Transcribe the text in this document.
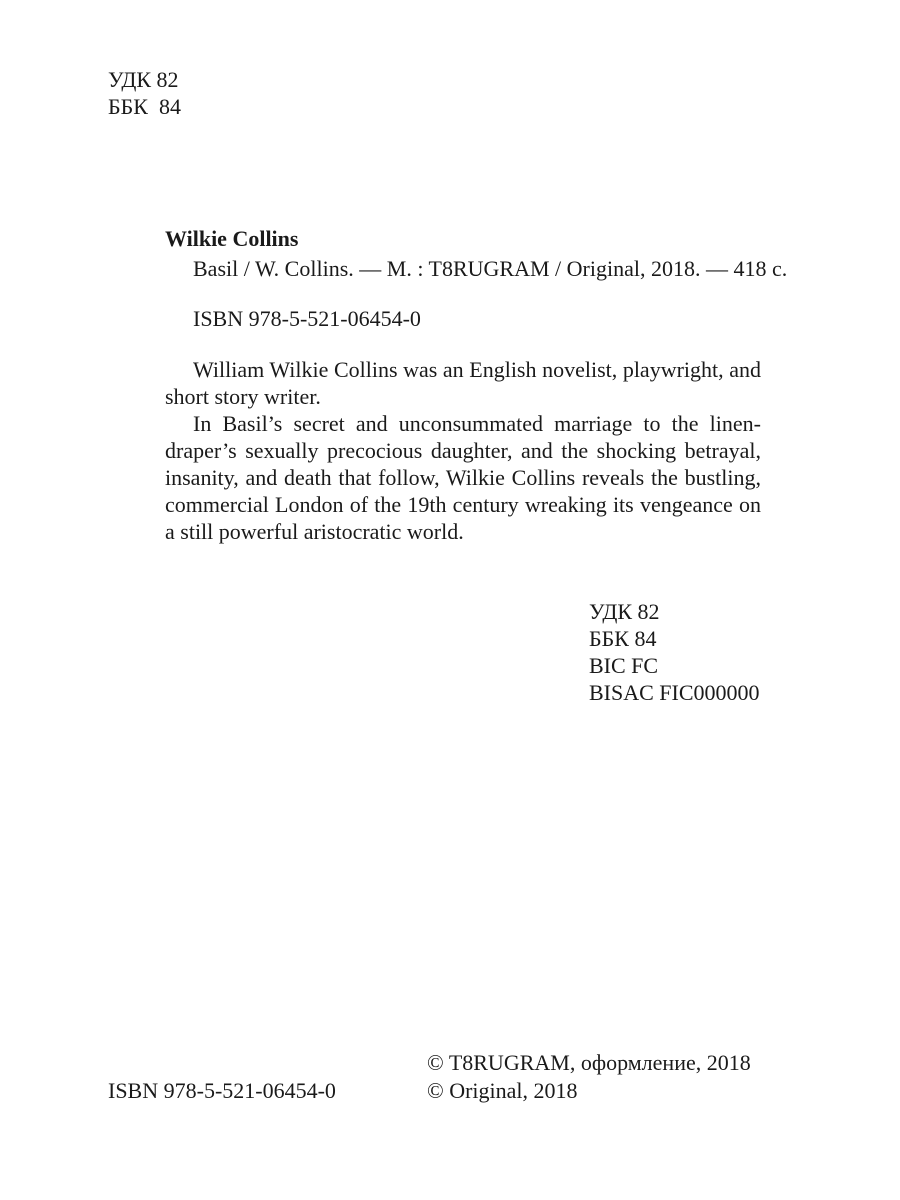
УДК 82
ББК  84
Wilkie Collins
Basil / W. Collins. — M. : T8RUGRAM / Original, 2018. — 418 с.
ISBN 978-5-521-06454-0

William Wilkie Collins was an English novelist, playwright, and short story writer.

In Basil’s secret and unconsummated marriage to the linendraper’s sexually precocious daughter, and the shocking betrayal, insanity, and death that follow, Wilkie Collins reveals the bustling, commercial London of the 19th century wreaking its vengeance on a still powerful aristocratic world.

УДК 82
ББК 84
BIC FC
BISAC FIC000000
© T8RUGRAM, оформление, 2018
ISBN 978-5-521-06454-0	© Original, 2018
